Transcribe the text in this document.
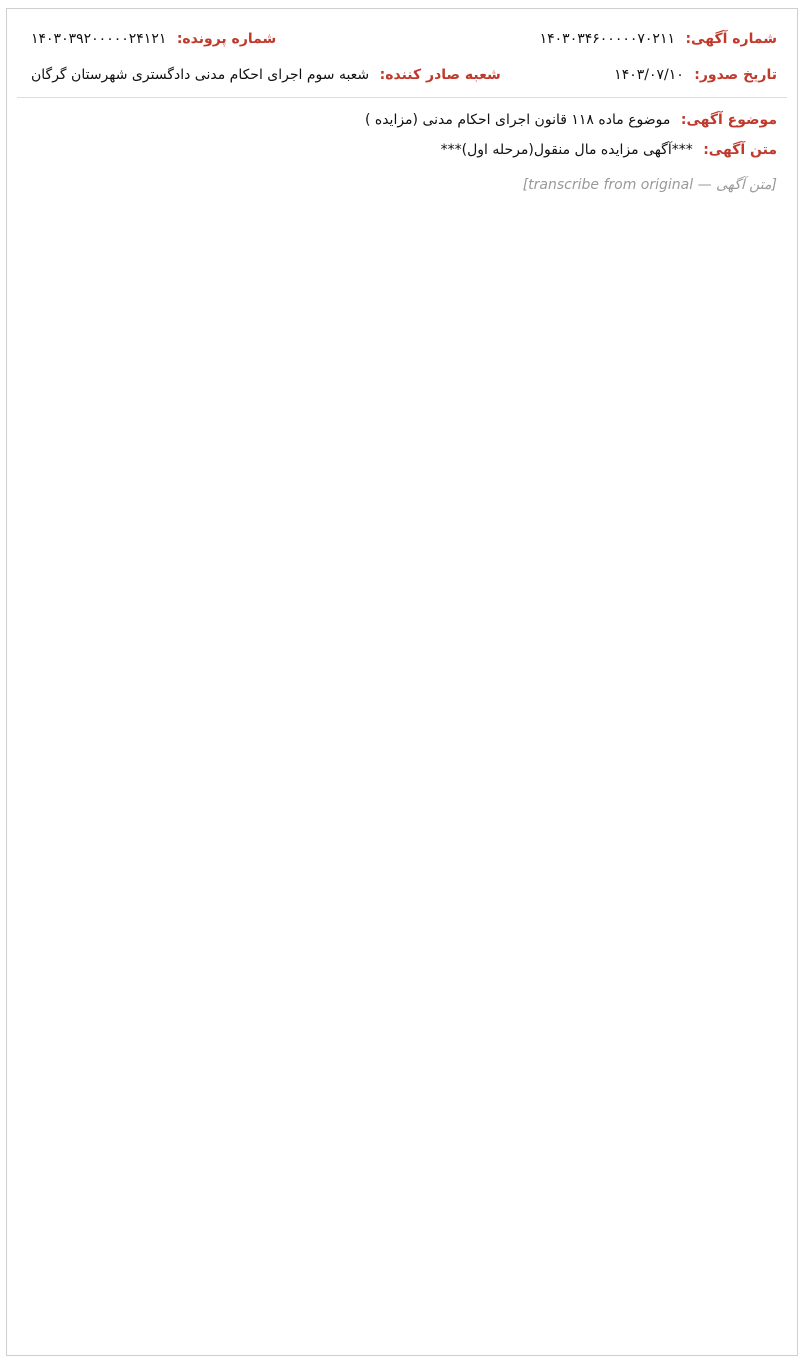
شماره آگهی: ۱۴۰۳۰۳۴۶۰۰۰۰۰۷۰۲۱۱
شماره پرونده: ۱۴۰۳۰۳۹۲۰۰۰۰۰۲۴۱۲۱
تاریخ صدور: ۱۴۰۳/۰۷/۱۰
شعبه صادر کننده: شعبه سوم اجرای احکام مدنی دادگستری شهرستان گرگان
موضوع آگهی: موضوع ماده ۱۱۸ قانون اجرای احکام مدنی (مزایده )
متن آگهی: ***آگهی مزایده مال منقول(مرحله اول)***
[متن آگهی — transcribe from original]
